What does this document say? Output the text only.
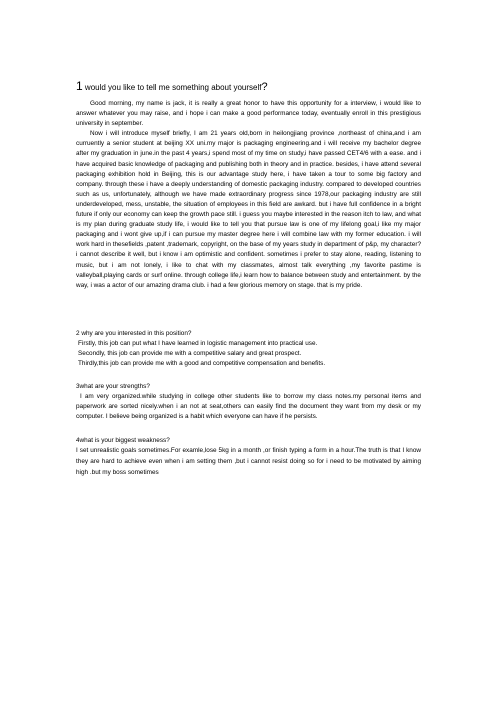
1 would you like to tell me something about yourself?

Good morning, my name is jack, it is really a great honor to have this opportunity for a interview, i would like to answer whatever you may raise, and i hope i can make a good performance today, eventually enroll in this prestigious university in september.

Now i will introduce myself briefly, I am 21 years old,born in heilongjiang province ,northeast of china,and i am curruently a senior student at beijing XX uni.my major is packaging engineering.and i will receive my bachelor degree after my graduation in june.in the past 4 years,i spend most of my time on study,i have passed CET4/6 with a ease. and i have acquired basic knowledge of packaging and publishing both in theory and in practice. besides, i have attend several packaging exhibition hold in Beijing, this is our advantage study here, i have taken a tour to some big factory and company. through these i have a deeply understanding of domestic packaging industry. compared to developed countries such as us, unfortunately, although we have made extraordinary progress since 1978,our packaging industry are still underdeveloped, mess, unstable, the situation of employees in this field are awkard. but i have full confidence in a bright future if only our economy can keep the growth pace still. i guess you maybe interested in the reason itch to law, and what is my plan during graduate study life, i would like to tell you that pursue law is one of my lifelong goal,i like my major packaging and i wont give up,if i can pursue my master degree here i will combine law with my former education. i will work hard in thesefields ,patent ,trademark, copyright, on the base of my years study in department of p&p, my character? i cannot describe it well, but i know i am optimistic and confident. sometimes i prefer to stay alone, reading, listening to music, but i am not lonely, i like to chat with my classmates, almost talk everything ,my favorite pastime is valleyball,playing cards or surf online. through college life,i learn how to balance between study and entertainment. by the way, i was a actor of our amazing drama club. i had a few glorious memory on stage. that is my pride.

2 why are you interested in this position?

Firstly, this job can put what I have learned in logistic management into practical use.

Secondly, this job can provide me with a competitive salary and great prospect.

Thirdly,this job can provide me with a good and competitive compensation and benefits.

3what are your strengths?

I am very organized.while studying in college other students like to borrow my class notes.my personal items and paperwork are sorted nicely.when i an not at seat,others can easily find the document they want from my desk or my computer. I believe being organized is a habit which everyone can have if he persists.

4what is your biggest weakness?

I set unrealistic goals sometimes.For examle,lose 5kg in a month ,or finish typing a form in a hour.The truth is that I know they are hard to achieve even when i am setting them ,but i cannot resist doing so for i need to be motivated by aiming high .but my boss sometimes
